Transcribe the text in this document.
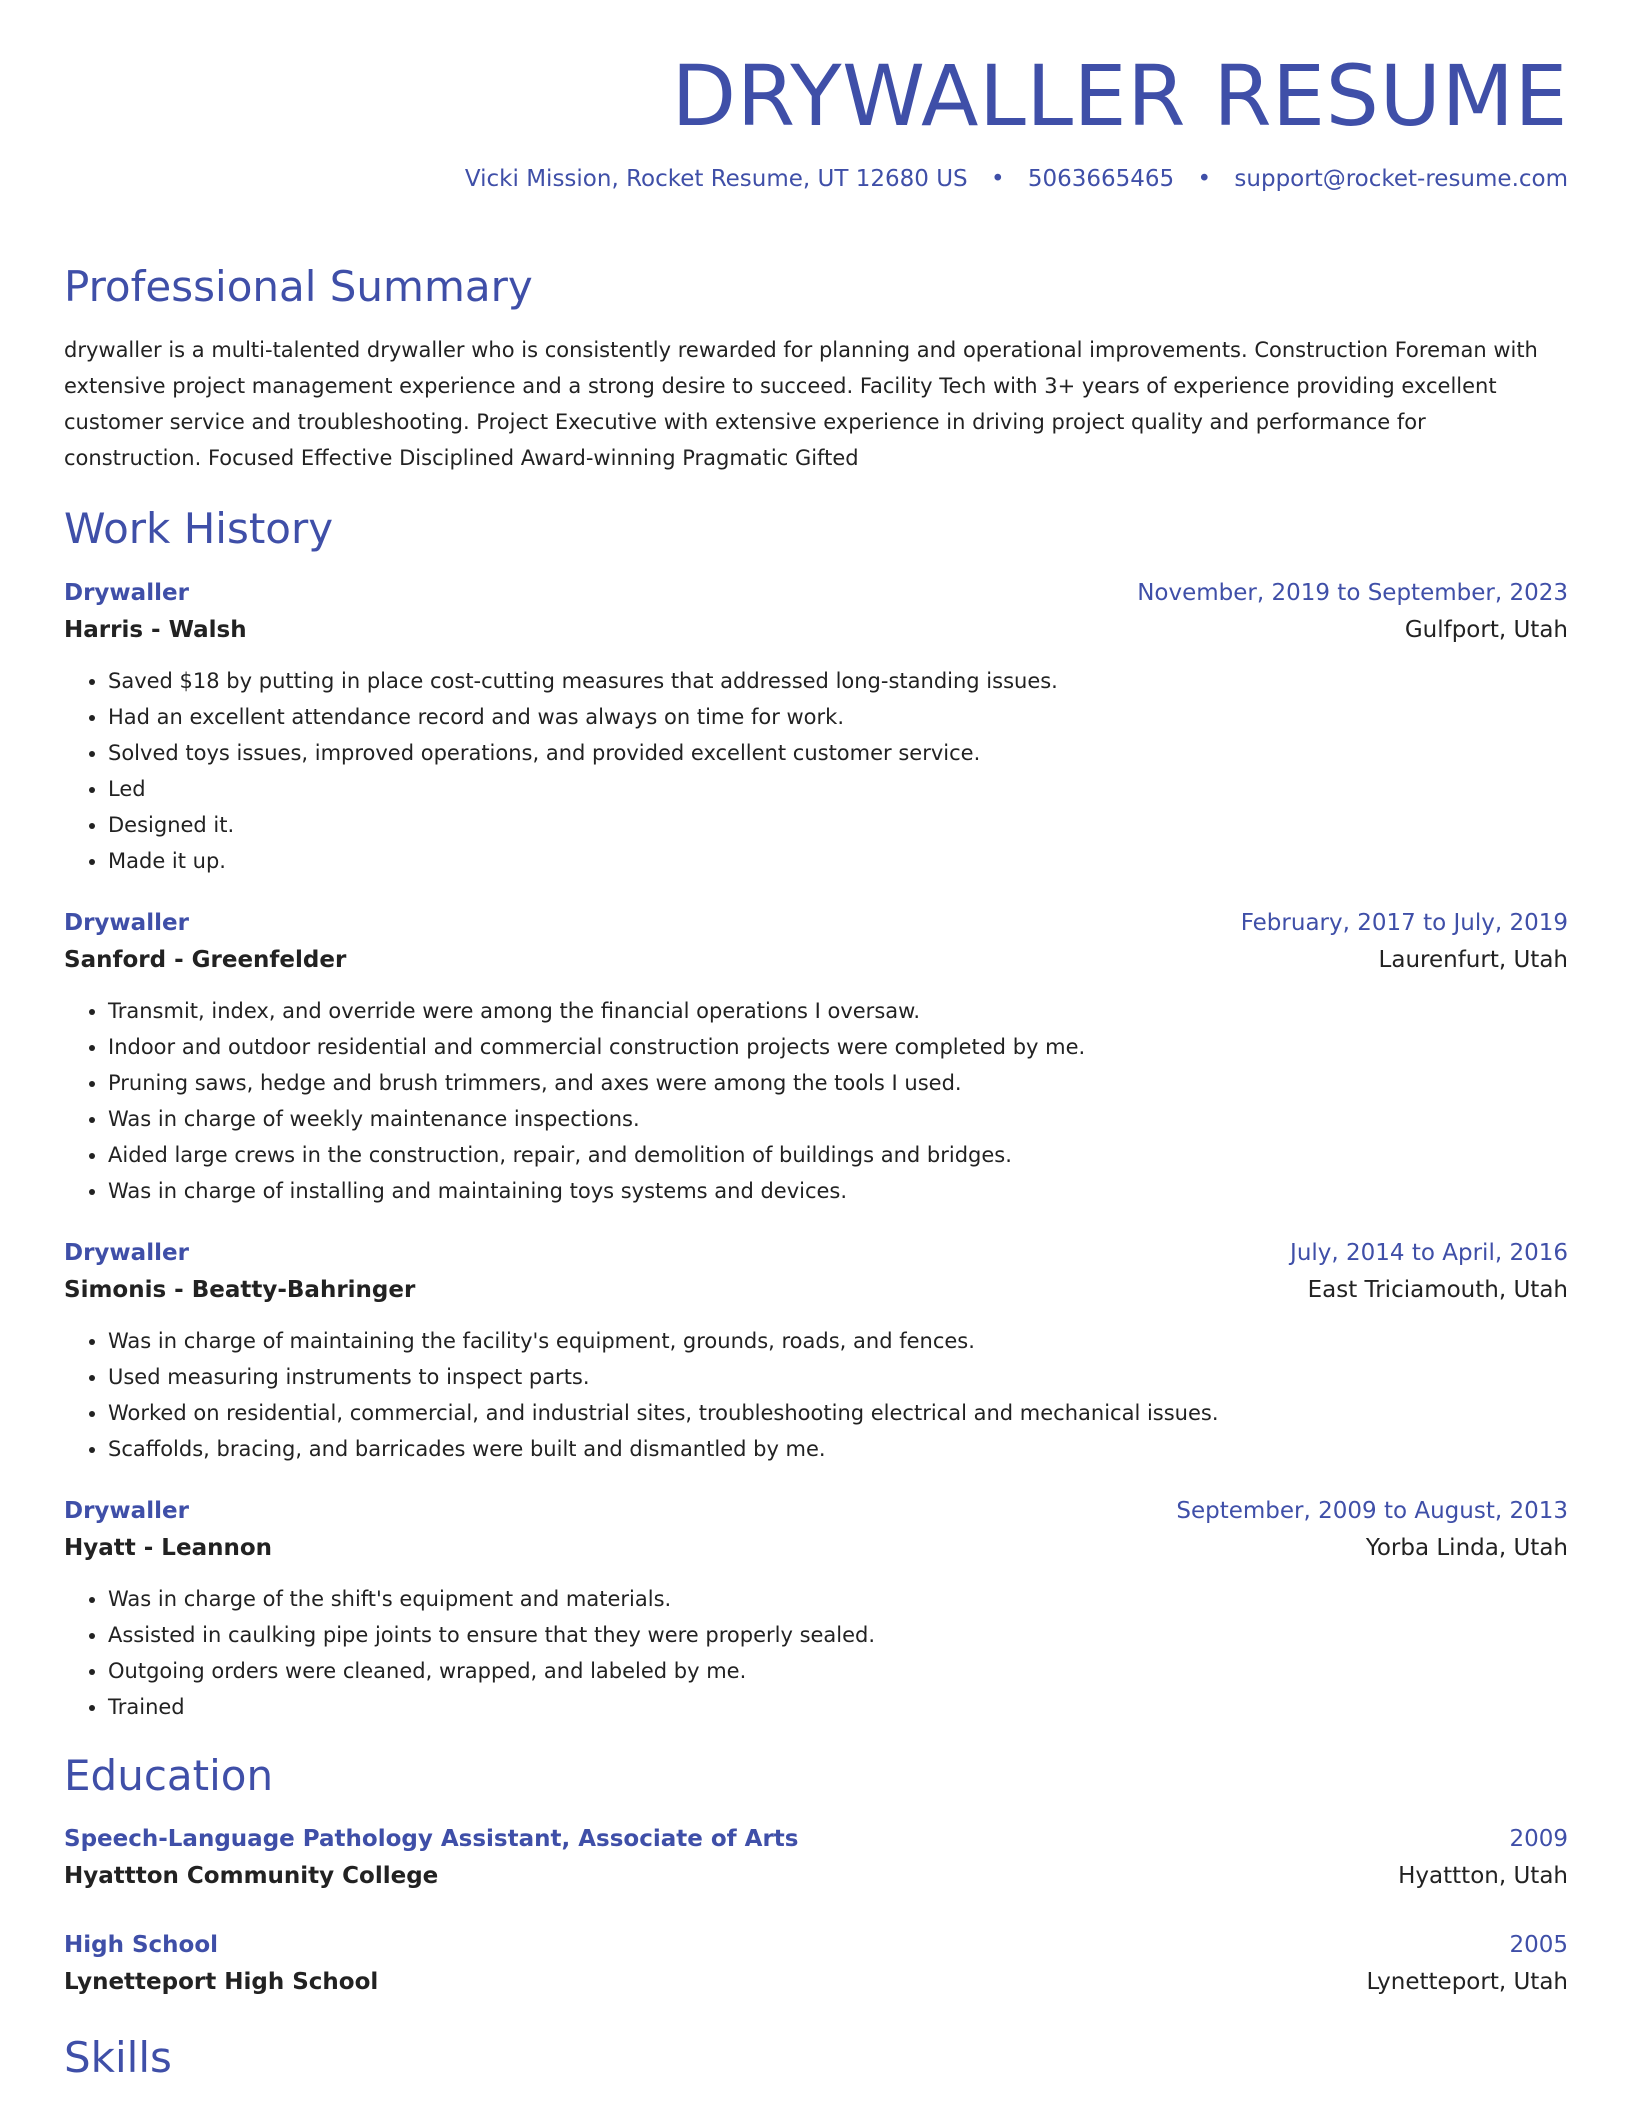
DRYWALLER RESUME
Vicki Mission, Rocket Resume, UT 12680 US • 5063665465 • support@rocket-resume.com
Professional Summary

drywaller is a multi-talented drywaller who is consistently rewarded for planning and operational improvements. Construction Foreman with extensive project management experience and a strong desire to succeed. Facility Tech with 3+ years of experience providing excellent customer service and troubleshooting. Project Executive with extensive experience in driving project quality and performance for construction. Focused Effective Disciplined Award-winning Pragmatic Gifted

Work History
Drywaller	November, 2019 to September, 2023
Harris - Walsh	Gulfport, Utah
• Saved $18 by putting in place cost-cutting measures that addressed long-standing issues.
• Had an excellent attendance record and was always on time for work.
• Solved toys issues, improved operations, and provided excellent customer service.
• Led
• Designed it.
• Made it up.
Drywaller	February, 2017 to July, 2019
Sanford - Greenfelder	Laurenfurt, Utah
• Transmit, index, and override were among the financial operations I oversaw.
• Indoor and outdoor residential and commercial construction projects were completed by me.
• Pruning saws, hedge and brush trimmers, and axes were among the tools I used.
• Was in charge of weekly maintenance inspections.
• Aided large crews in the construction, repair, and demolition of buildings and bridges.
• Was in charge of installing and maintaining toys systems and devices.
Drywaller	July, 2014 to April, 2016
Simonis - Beatty-Bahringer	East Triciamouth, Utah
• Was in charge of maintaining the facility's equipment, grounds, roads, and fences.
• Used measuring instruments to inspect parts.
• Worked on residential, commercial, and industrial sites, troubleshooting electrical and mechanical issues.
• Scaffolds, bracing, and barricades were built and dismantled by me.
Drywaller	September, 2009 to August, 2013
Hyatt - Leannon	Yorba Linda, Utah
• Was in charge of the shift's equipment and materials.
• Assisted in caulking pipe joints to ensure that they were properly sealed.
• Outgoing orders were cleaned, wrapped, and labeled by me.
• Trained
Education
Speech-Language Pathology Assistant, Associate of Arts	2009
Hyattton Community College	Hyattton, Utah
High School	2005
Lynetteport High School	Lynetteport, Utah
Skills
